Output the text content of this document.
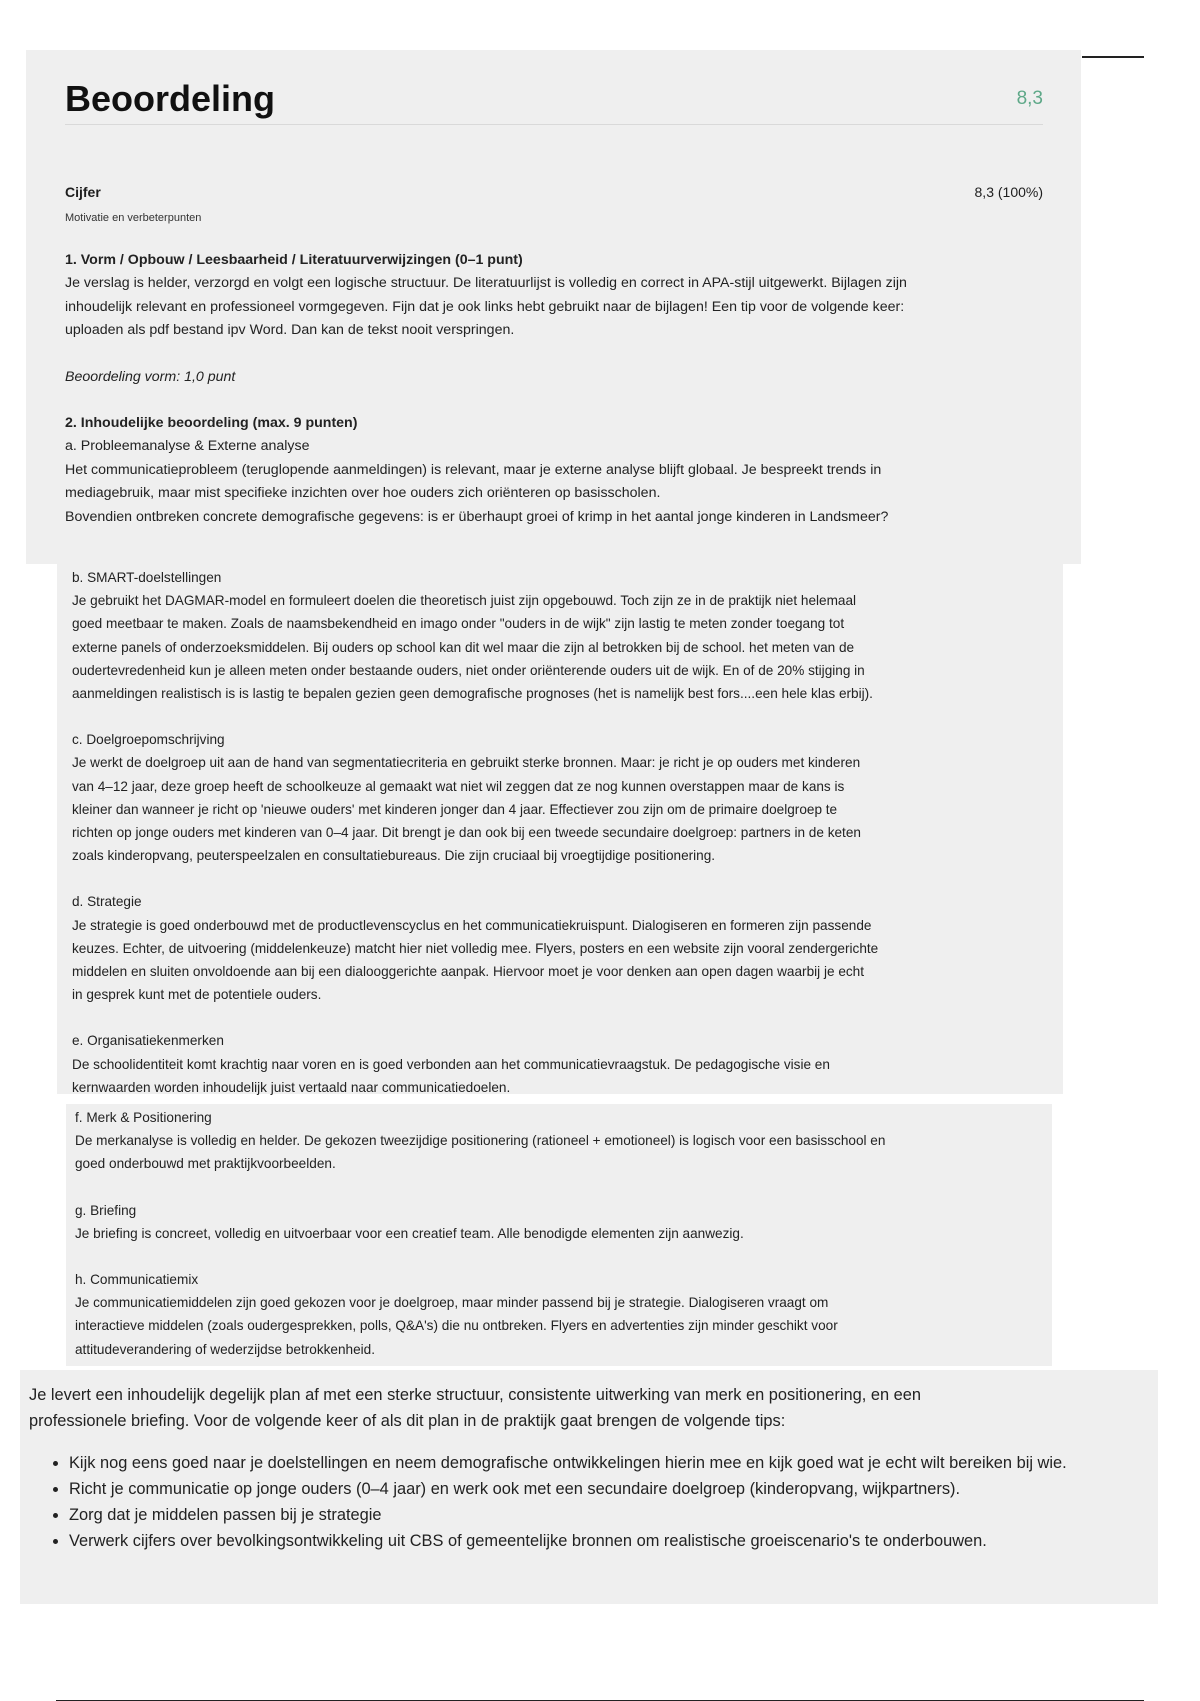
Beoordeling	8,3
Cijfer	8,3 (100%)
Motivatie en verbeterpunten

1. Vorm / Opbouw / Leesbaarheid / Literatuurverwijzingen (0–1 punt)

Je verslag is helder, verzorgd en volgt een logische structuur. De literatuurlijst is volledig en correct in APA-stijl uitgewerkt. Bijlagen zijn

inhoudelijk relevant en professioneel vormgegeven. Fijn dat je ook links hebt gebruikt naar de bijlagen! Een tip voor de volgende keer:

uploaden als pdf bestand ipv Word. Dan kan de tekst nooit verspringen.

Beoordeling vorm: 1,0 punt

2. Inhoudelijke beoordeling (max. 9 punten)

a. Probleemanalyse & Externe analyse

Het communicatieprobleem (teruglopende aanmeldingen) is relevant, maar je externe analyse blijft globaal. Je bespreekt trends in

mediagebruik, maar mist specifieke inzichten over hoe ouders zich oriënteren op basisscholen.

Bovendien ontbreken concrete demografische gegevens: is er überhaupt groei of krimp in het aantal jonge kinderen in Landsmeer?

b. SMART-doelstellingen

Je gebruikt het DAGMAR-model en formuleert doelen die theoretisch juist zijn opgebouwd. Toch zijn ze in de praktijk niet helemaal

goed meetbaar te maken. Zoals de naamsbekendheid en imago onder "ouders in de wijk" zijn lastig te meten zonder toegang tot

externe panels of onderzoeksmiddelen. Bij ouders op school kan dit wel maar die zijn al betrokken bij de school. het meten van de

oudertevredenheid kun je alleen meten onder bestaande ouders, niet onder oriënterende ouders uit de wijk. En of de 20% stijging in

aanmeldingen realistisch is is lastig te bepalen gezien geen demografische prognoses (het is namelijk best fors....een hele klas erbij).

c. Doelgroepomschrijving

Je werkt de doelgroep uit aan de hand van segmentatiecriteria en gebruikt sterke bronnen. Maar: je richt je op ouders met kinderen

van 4–12 jaar, deze groep heeft de schoolkeuze al gemaakt wat niet wil zeggen dat ze nog kunnen overstappen maar de kans is

kleiner dan wanneer je richt op 'nieuwe ouders' met kinderen jonger dan 4 jaar. Effectiever zou zijn om de primaire doelgroep te

richten op jonge ouders met kinderen van 0–4 jaar. Dit brengt je dan ook bij een tweede secundaire doelgroep: partners in de keten

zoals kinderopvang, peuterspeelzalen en consultatiebureaus. Die zijn cruciaal bij vroegtijdige positionering.

d. Strategie

Je strategie is goed onderbouwd met de productlevenscyclus en het communicatiekruispunt. Dialogiseren en formeren zijn passende

keuzes. Echter, de uitvoering (middelenkeuze) matcht hier niet volledig mee. Flyers, posters en een website zijn vooral zendergerichte

middelen en sluiten onvoldoende aan bij een dialooggerichte aanpak. Hiervoor moet je voor denken aan open dagen waarbij je echt

in gesprek kunt met de potentiele ouders.

e. Organisatiekenmerken

De schoolidentiteit komt krachtig naar voren en is goed verbonden aan het communicatievraagstuk. De pedagogische visie en

kernwaarden worden inhoudelijk juist vertaald naar communicatiedoelen.

f. Merk & Positionering

De merkanalyse is volledig en helder. De gekozen tweezijdige positionering (rationeel + emotioneel) is logisch voor een basisschool en

goed onderbouwd met praktijkvoorbeelden.

g. Briefing

Je briefing is concreet, volledig en uitvoerbaar voor een creatief team. Alle benodigde elementen zijn aanwezig.

h. Communicatiemix

Je communicatiemiddelen zijn goed gekozen voor je doelgroep, maar minder passend bij je strategie. Dialogiseren vraagt om

interactieve middelen (zoals oudergesprekken, polls, Q&A's) die nu ontbreken. Flyers en advertenties zijn minder geschikt voor

attitudeverandering of wederzijdse betrokkenheid.

Je levert een inhoudelijk degelijk plan af met een sterke structuur, consistente uitwerking van merk en positionering, en een

professionele briefing. Voor de volgende keer of als dit plan in de praktijk gaat brengen de volgende tips:

• Kijk nog eens goed naar je doelstellingen en neem demografische ontwikkelingen hierin mee en kijk goed wat je echt wilt bereiken bij wie.
• Richt je communicatie op jonge ouders (0–4 jaar) en werk ook met een secundaire doelgroep (kinderopvang, wijkpartners).
• Zorg dat je middelen passen bij je strategie
• Verwerk cijfers over bevolkingsontwikkeling uit CBS of gemeentelijke bronnen om realistische groeiscenario's te onderbouwen.
